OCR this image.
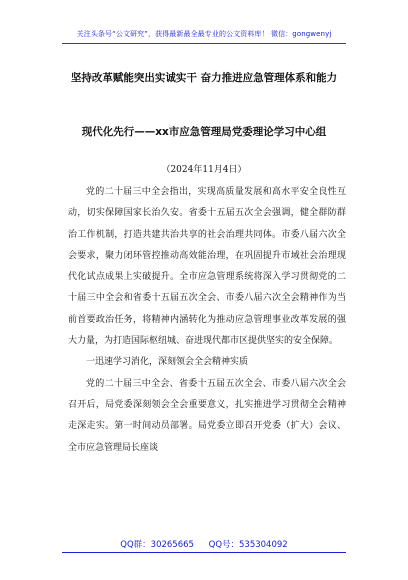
关注头条号“公文研究”，获得最新最全最专业的公文资料库！ 微信：gongwenyj
坚持改革赋能突出实诚实干 奋力推进应急管理体系和能力
现代化先行——xx市应急管理局党委理论学习中心组
（2024年11月4日）

党的二十届三中全会指出，实现高质量发展和高水平安全良性互动，切实保障国家长治久安。省委十五届五次全会强调，健全群防群治工作机制，打造共建共治共享的社会治理共同体。市委八届六次全会要求，聚力闭环管控推动高效能治理，在巩固提升市域社会治理现代化试点成果上实破提升。全市应急管理系统将深入学习贯彻党的二十届三中全会和省委十五届五次全会、市委八届六次全会精神作为当前首要政治任务，将精神内涵转化为推动应急管理事业改革发展的强大力量，为打造国际枢纽城、奋进现代都市区提供坚实的安全保障。

一迅速学习消化，深刻领会全会精神实质

党的二十届三中全会、省委十五届五次全会、市委八届六次全会召开后，局党委深刻领会全会重要意义，扎实推进学习贯彻全会精神走深走实。第一时间动员部署。局党委立即召开党委（扩大）会议、全市应急管理局长座谈

QQ群：30265665 QQ号：535304092
